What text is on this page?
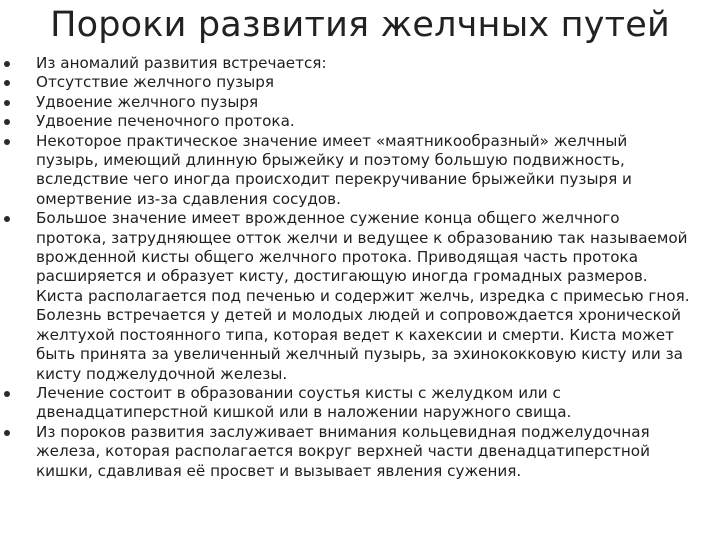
Пороки развития желчных путей
Из аномалий развития встречается:
Отсутствие желчного пузыря
Удвоение желчного пузыря
Удвоение печеночного протока.
Некоторое практическое значение имеет «маятникообразный» желчный пузырь, имеющий длинную брыжейку и поэтому большую подвижность, вследствие чего иногда происходит перекручивание брыжейки пузыря и омертвение из-за сдавления сосудов.
Большое значение имеет врожденное сужение конца общего желчного протока, затрудняющее отток желчи и ведущее к образованию так называемой врожденной кисты общего желчного протока. Приводящая часть протока расширяется и образует кисту, достигающую иногда громадных размеров. Киста располагается под печенью и содержит желчь, изредка с примесью гноя. Болезнь встречается у детей и молодых людей и сопровождается хронической желтухой постоянного типа, которая ведет к кахексии и смерти. Киста может быть принята за увеличенный желчный пузырь, за эхинококковую кисту или за кисту поджелудочной железы.
Лечение состоит в образовании соустья кисты с желудком или с двенадцатиперстной кишкой или в наложении наружного свища.
Из пороков развития заслуживает внимания кольцевидная поджелудочная железа, которая располагается вокруг верхней части двенадцатиперстной кишки, сдавливая её просвет и вызывает явления сужения.
